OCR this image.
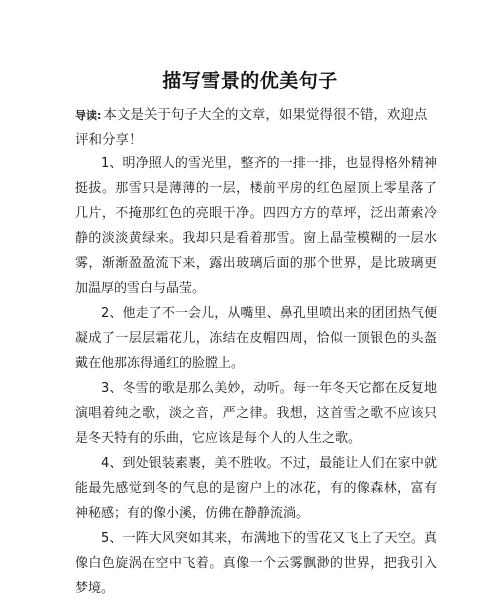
描写雪景的优美句子
导读: 本文是关于句子大全的文章，如果觉得很不错，欢迎点评和分享！

1、明净照人的雪光里，整齐的一排一排，也显得格外精神挺拔。那雪只是薄薄的一层，楼前平房的红色屋顶上零星落了几片，不掩那红色的亮眼干净。四四方方的草坪，泛出萧索冷静的淡淡黄绿来。我却只是看着那雪。窗上晶莹模糊的一层水雾，渐渐盈盈流下来，露出玻璃后面的那个世界，是比玻璃更加温厚的雪白与晶莹。

2、他走了不一会儿，从嘴里、鼻孔里喷出来的团团热气便凝成了一层层霜花儿，冻结在皮帽四周，恰似一顶银色的头盔戴在他那冻得通红的脸膛上。

3、冬雪的歌是那么美妙，动听。每一年冬天它都在反复地演唱着纯之歌，淡之音，严之律。我想，这首雪之歌不应该只是冬天特有的乐曲，它应该是每个人的人生之歌。

4、到处银装素裹，美不胜收。不过，最能让人们在家中就能最先感觉到冬的气息的是窗户上的冰花，有的像森林，富有神秘感；有的像小溪，仿佛在静静流淌。

5、一阵大风突如其来，布满地下的雪花又飞上了天空。真像白色旋涡在空中飞着。真像一个云雾飘渺的世界，把我引入梦境。
